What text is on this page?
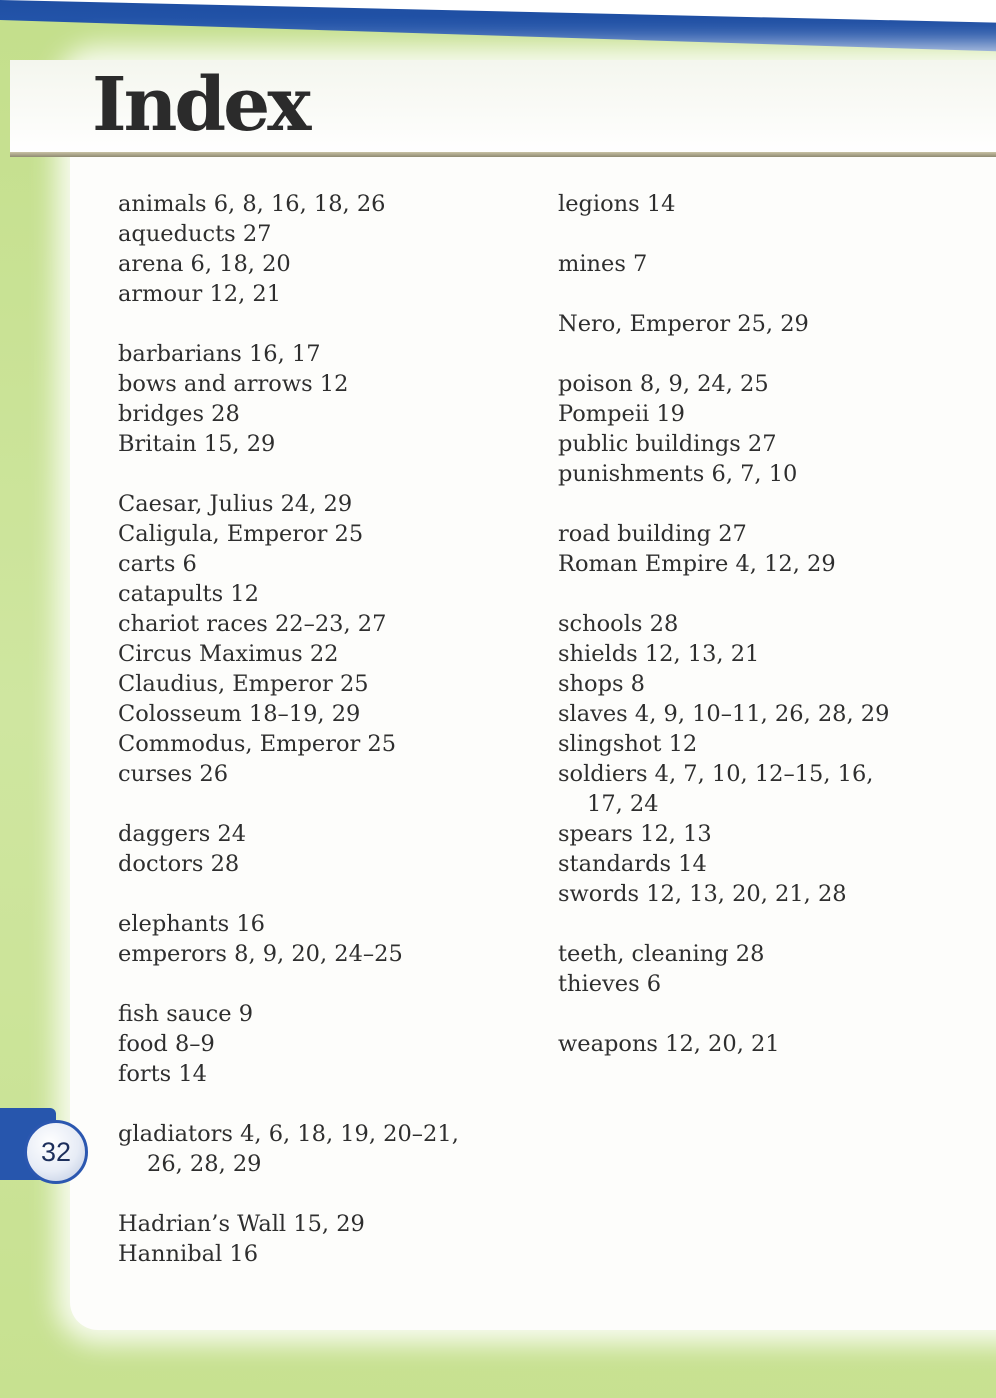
Index
animals 6, 8, 16, 18, 26
aqueducts 27
arena 6, 18, 20
armour 12, 21
barbarians 16, 17
bows and arrows 12
bridges 28
Britain 15, 29
Caesar, Julius 24, 29
Caligula, Emperor 25
carts 6
catapults 12
chariot races 22–23, 27
Circus Maximus 22
Claudius, Emperor 25
Colosseum 18–19, 29
Commodus, Emperor 25
curses 26
daggers 24
doctors 28
elephants 16
emperors 8, 9, 20, 24–25
fish sauce 9
food 8–9
forts 14
gladiators 4, 6, 18, 19, 20–21,
26, 28, 29
Hadrian’s Wall 15, 29
Hannibal 16
legions 14
mines 7
Nero, Emperor 25, 29
poison 8, 9, 24, 25
Pompeii 19
public buildings 27
punishments 6, 7, 10
road building 27
Roman Empire 4, 12, 29
schools 28
shields 12, 13, 21
shops 8
slaves 4, 9, 10–11, 26, 28, 29
slingshot 12
soldiers 4, 7, 10, 12–15, 16,
17, 24
spears 12, 13
standards 14
swords 12, 13, 20, 21, 28
teeth, cleaning 28
thieves 6
weapons 12, 20, 21
32
